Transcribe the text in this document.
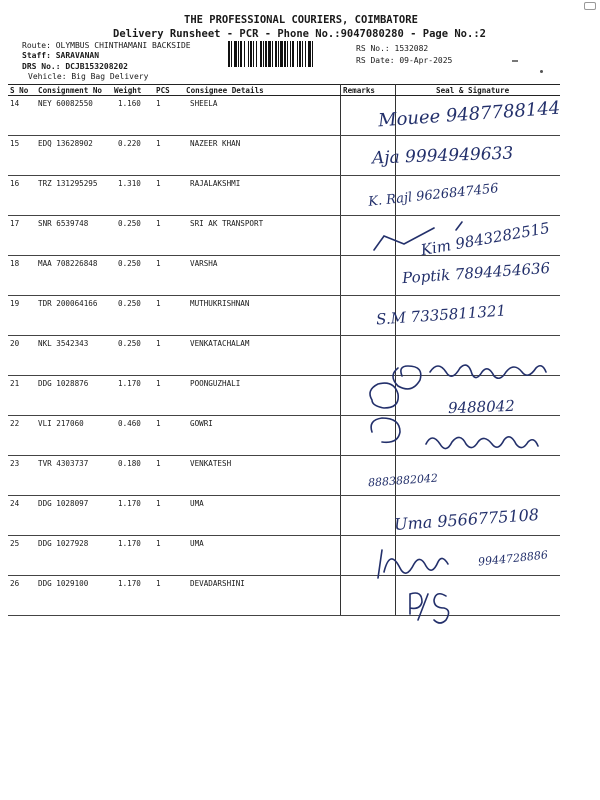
THE PROFESSIONAL COURIERS, COIMBATORE
Delivery Runsheet - PCR - Phone No.:9047080280 - Page No.:2
Route: OLYMBUS CHINTHAMANI BACKSIDE
Staff: SARAVANAN
DRS No.: DCJB153208202
Vehicle: Big Bag Delivery
RS No.: 1532082
RS Date: 09-Apr-2025
S No	Consignment No	Weight	PCS	Consignee Details	Remarks	Seal & Signature
14	NEY 60082550	1.160	1	SHEELA		
15	EDQ 13628902	0.220	1	NAZEER KHAN		
16	TRZ 131295295	1.310	1	RAJALAKSHMI		
17	SNR 6539748	0.250	1	SRI AK TRANSPORT		
18	MAA 708226848	0.250	1	VARSHA		
19	TDR 200064166	0.250	1	MUTHUKRISHNAN		
20	NKL 3542343	0.250	1	VENKATACHALAM		
21	DDG 1028876	1.170	1	POONGUZHALI		
22	VLI 217060	0.460	1	GOWRI		
23	TVR 4303737	0.180	1	VENKATESH		
24	DDG 1028097	1.170	1	UMA		
25	DDG 1027928	1.170	1	UMA		
26	DDG 1029100	1.170	1	DEVADARSHINI		
Mouee 9487788144
Aja 9994949633
K. Rajl 9626847456
Kim 9843282515
Poptik 7894454636
S.M 7335811321
9488042
8883882042
Uma 9566775108
9944728886
